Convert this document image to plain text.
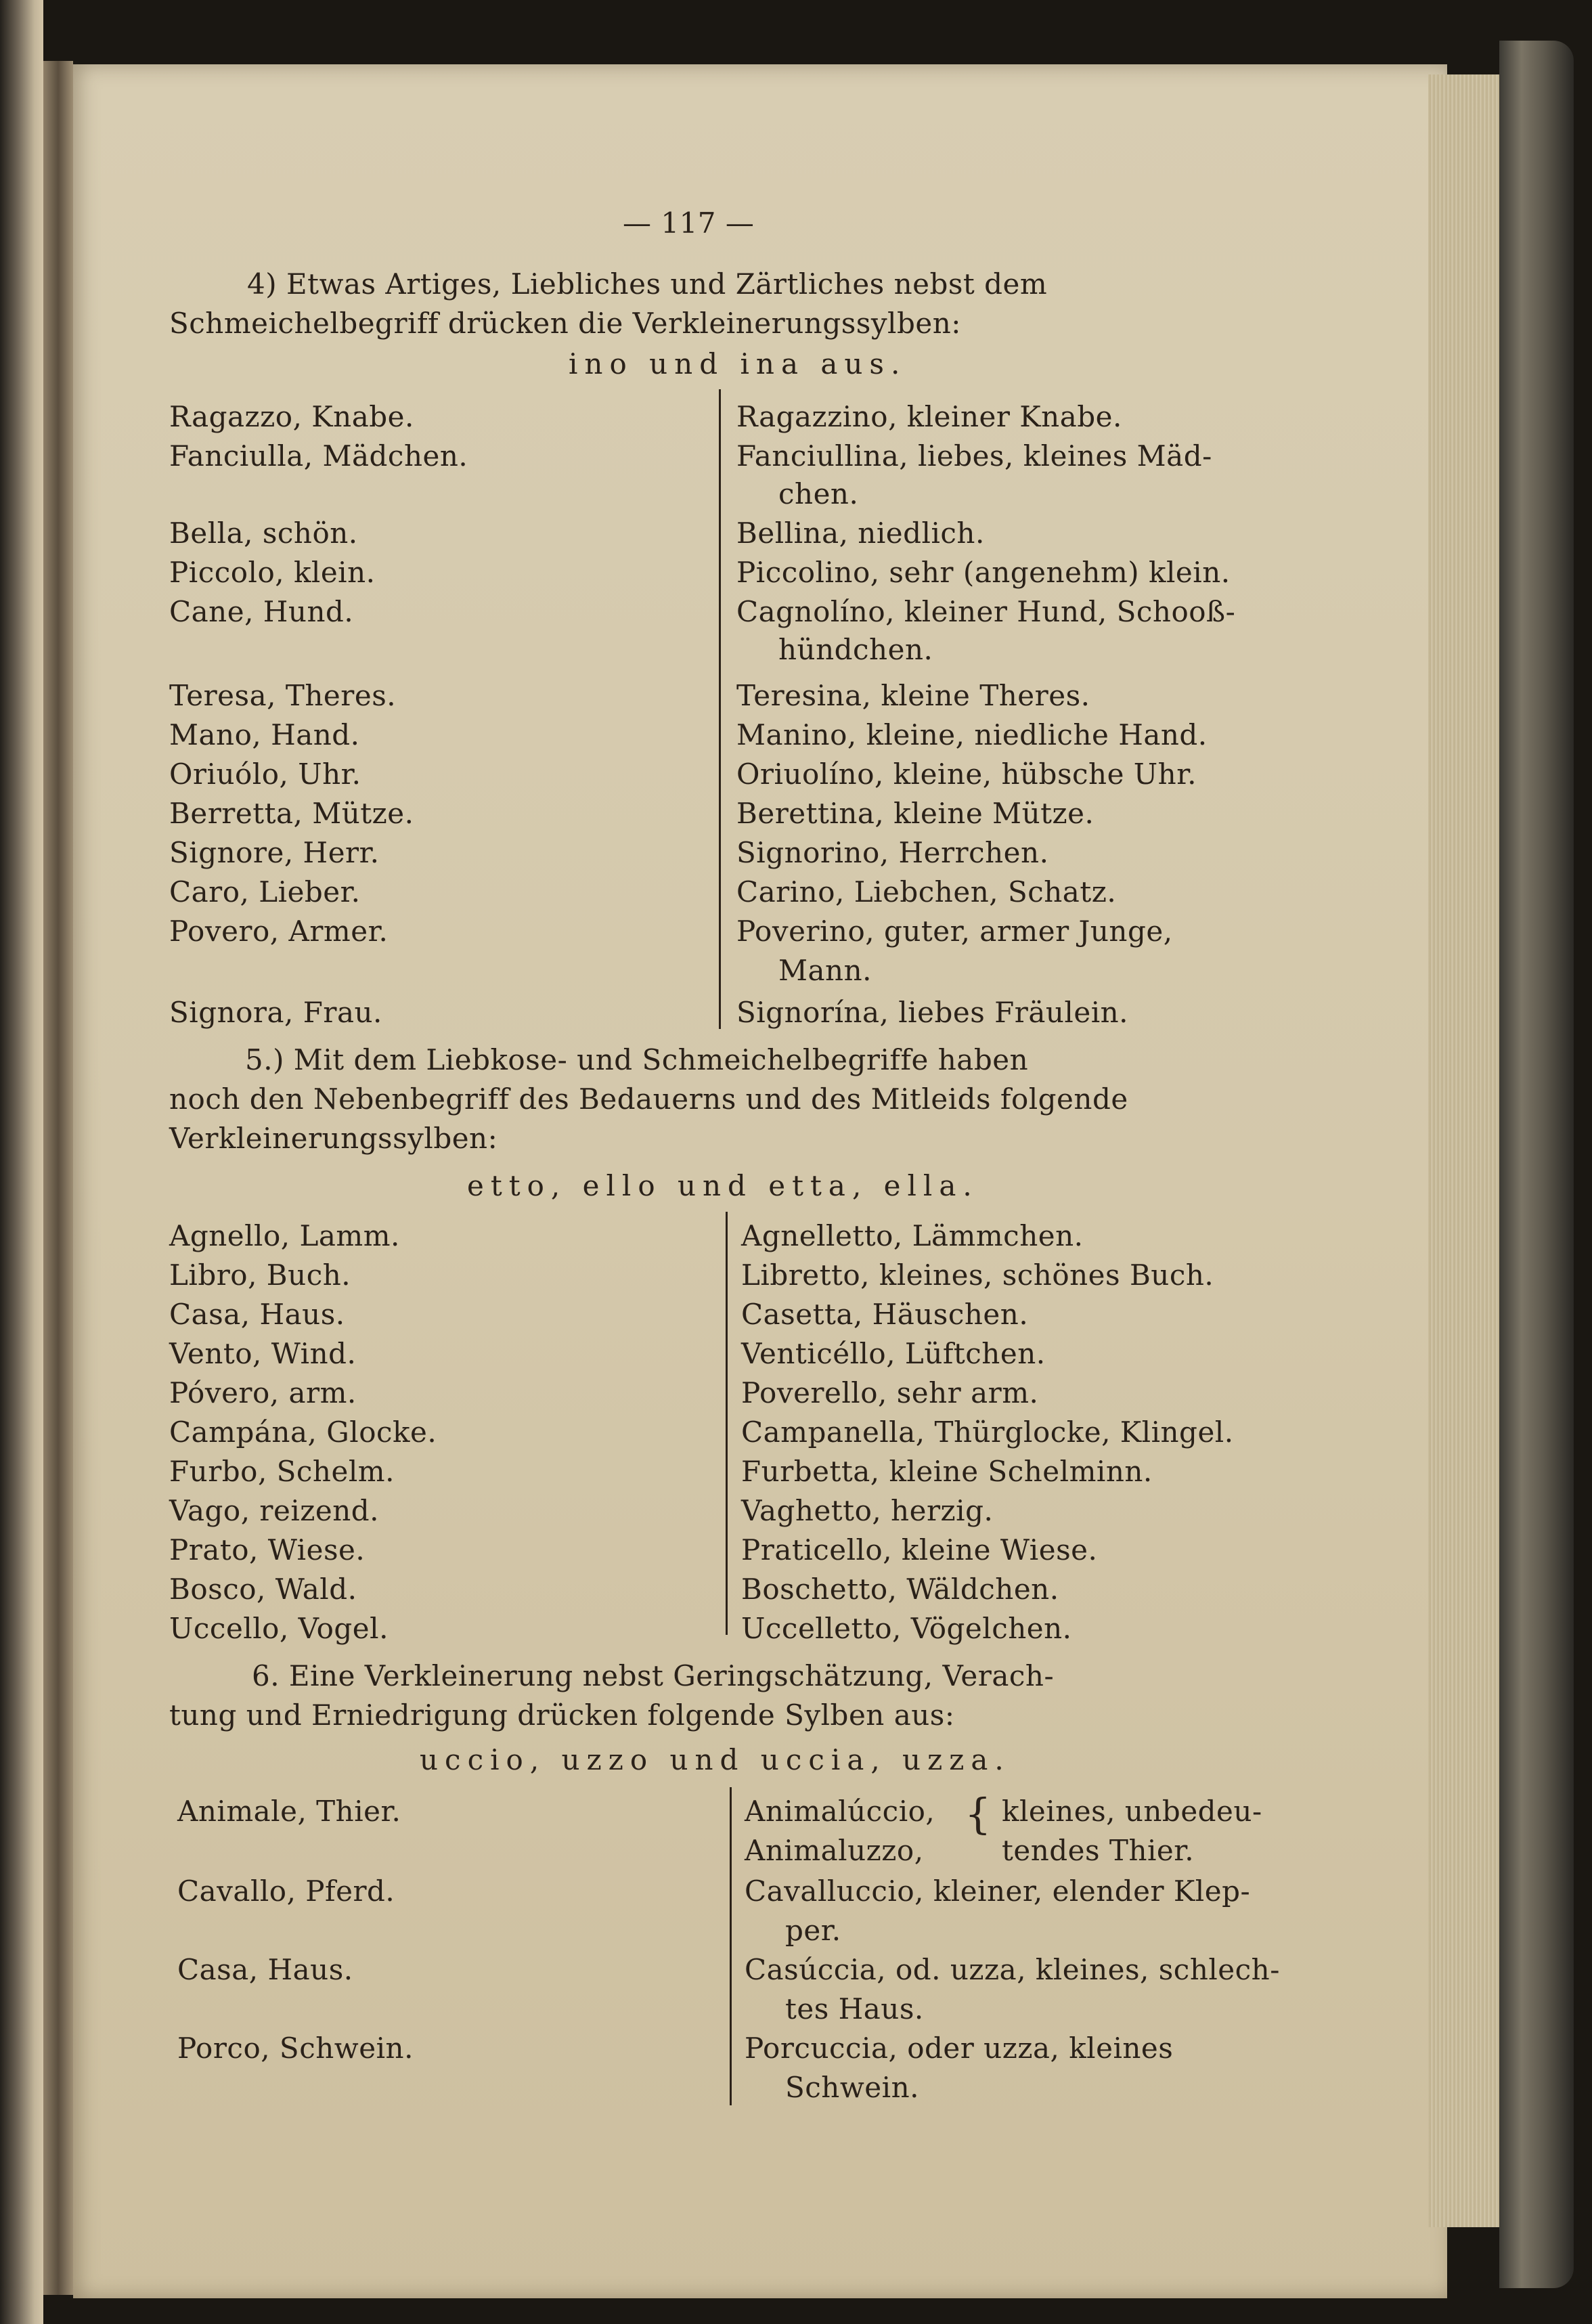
— 117 —
4) Etwas Artiges, Liebliches und Zärtliches nebst dem
Schmeichelbegriff drücken die Verkleinerungssylben:
ino und ina aus.
Ragazzo, Knabe.	Ragazzino, kleiner Knabe.
Fanciulla, Mädchen.	Fanciullina, liebes, kleines Mäd-
chen.
Bella, schön.	Bellina, niedlich.
Piccolo, klein.	Piccolino, sehr (angenehm) klein.
Cane, Hund.	Cagnolíno, kleiner Hund, Schooß-
hündchen.
Teresa, Theres.	Teresina, kleine Theres.
Mano, Hand.	Manino, kleine, niedliche Hand.
Oriuólo, Uhr.	Oriuolíno, kleine, hübsche Uhr.
Berretta, Mütze.	Berettina, kleine Mütze.
Signore, Herr.	Signorino, Herrchen.
Caro, Lieber.	Carino, Liebchen, Schatz.
Povero, Armer.	Poverino, guter, armer Junge,
Mann.
Signora, Frau.	Signorína, liebes Fräulein.
5.) Mit dem Liebkose- und Schmeichelbegriffe haben
noch den Nebenbegriff des Bedauerns und des Mitleids folgende
Verkleinerungssylben:
etto, ello und etta, ella.
Agnello, Lamm.	Agnelletto, Lämmchen.
Libro, Buch.	Libretto, kleines, schönes Buch.
Casa, Haus.	Casetta, Häuschen.
Vento, Wind.	Venticéllo, Lüftchen.
Póvero, arm.	Poverello, sehr arm.
Campána, Glocke.	Campanella, Thürglocke, Klingel.
Furbo, Schelm.	Furbetta, kleine Schelminn.
Vago, reizend.	Vaghetto, herzig.
Prato, Wiese.	Praticello, kleine Wiese.
Bosco, Wald.	Boschetto, Wäldchen.
Uccello, Vogel.	Uccelletto, Vögelchen.
6. Eine Verkleinerung nebst Geringschätzung, Verach-
tung und Erniedrigung drücken folgende Sylben aus:
uccio, uzzo und uccia, uzza.
Animale, Thier.	Animalúccio,
Animaluzzo,
{ kleines, unbedeu-
tendes Thier.
Cavallo, Pferd.	Cavalluccio, kleiner, elender Klep-
per.
Casa, Haus.	Casúccia, od. uzza, kleines, schlech-
tes Haus.
Porco, Schwein.	Porcuccia, oder uzza, kleines
Schwein.
